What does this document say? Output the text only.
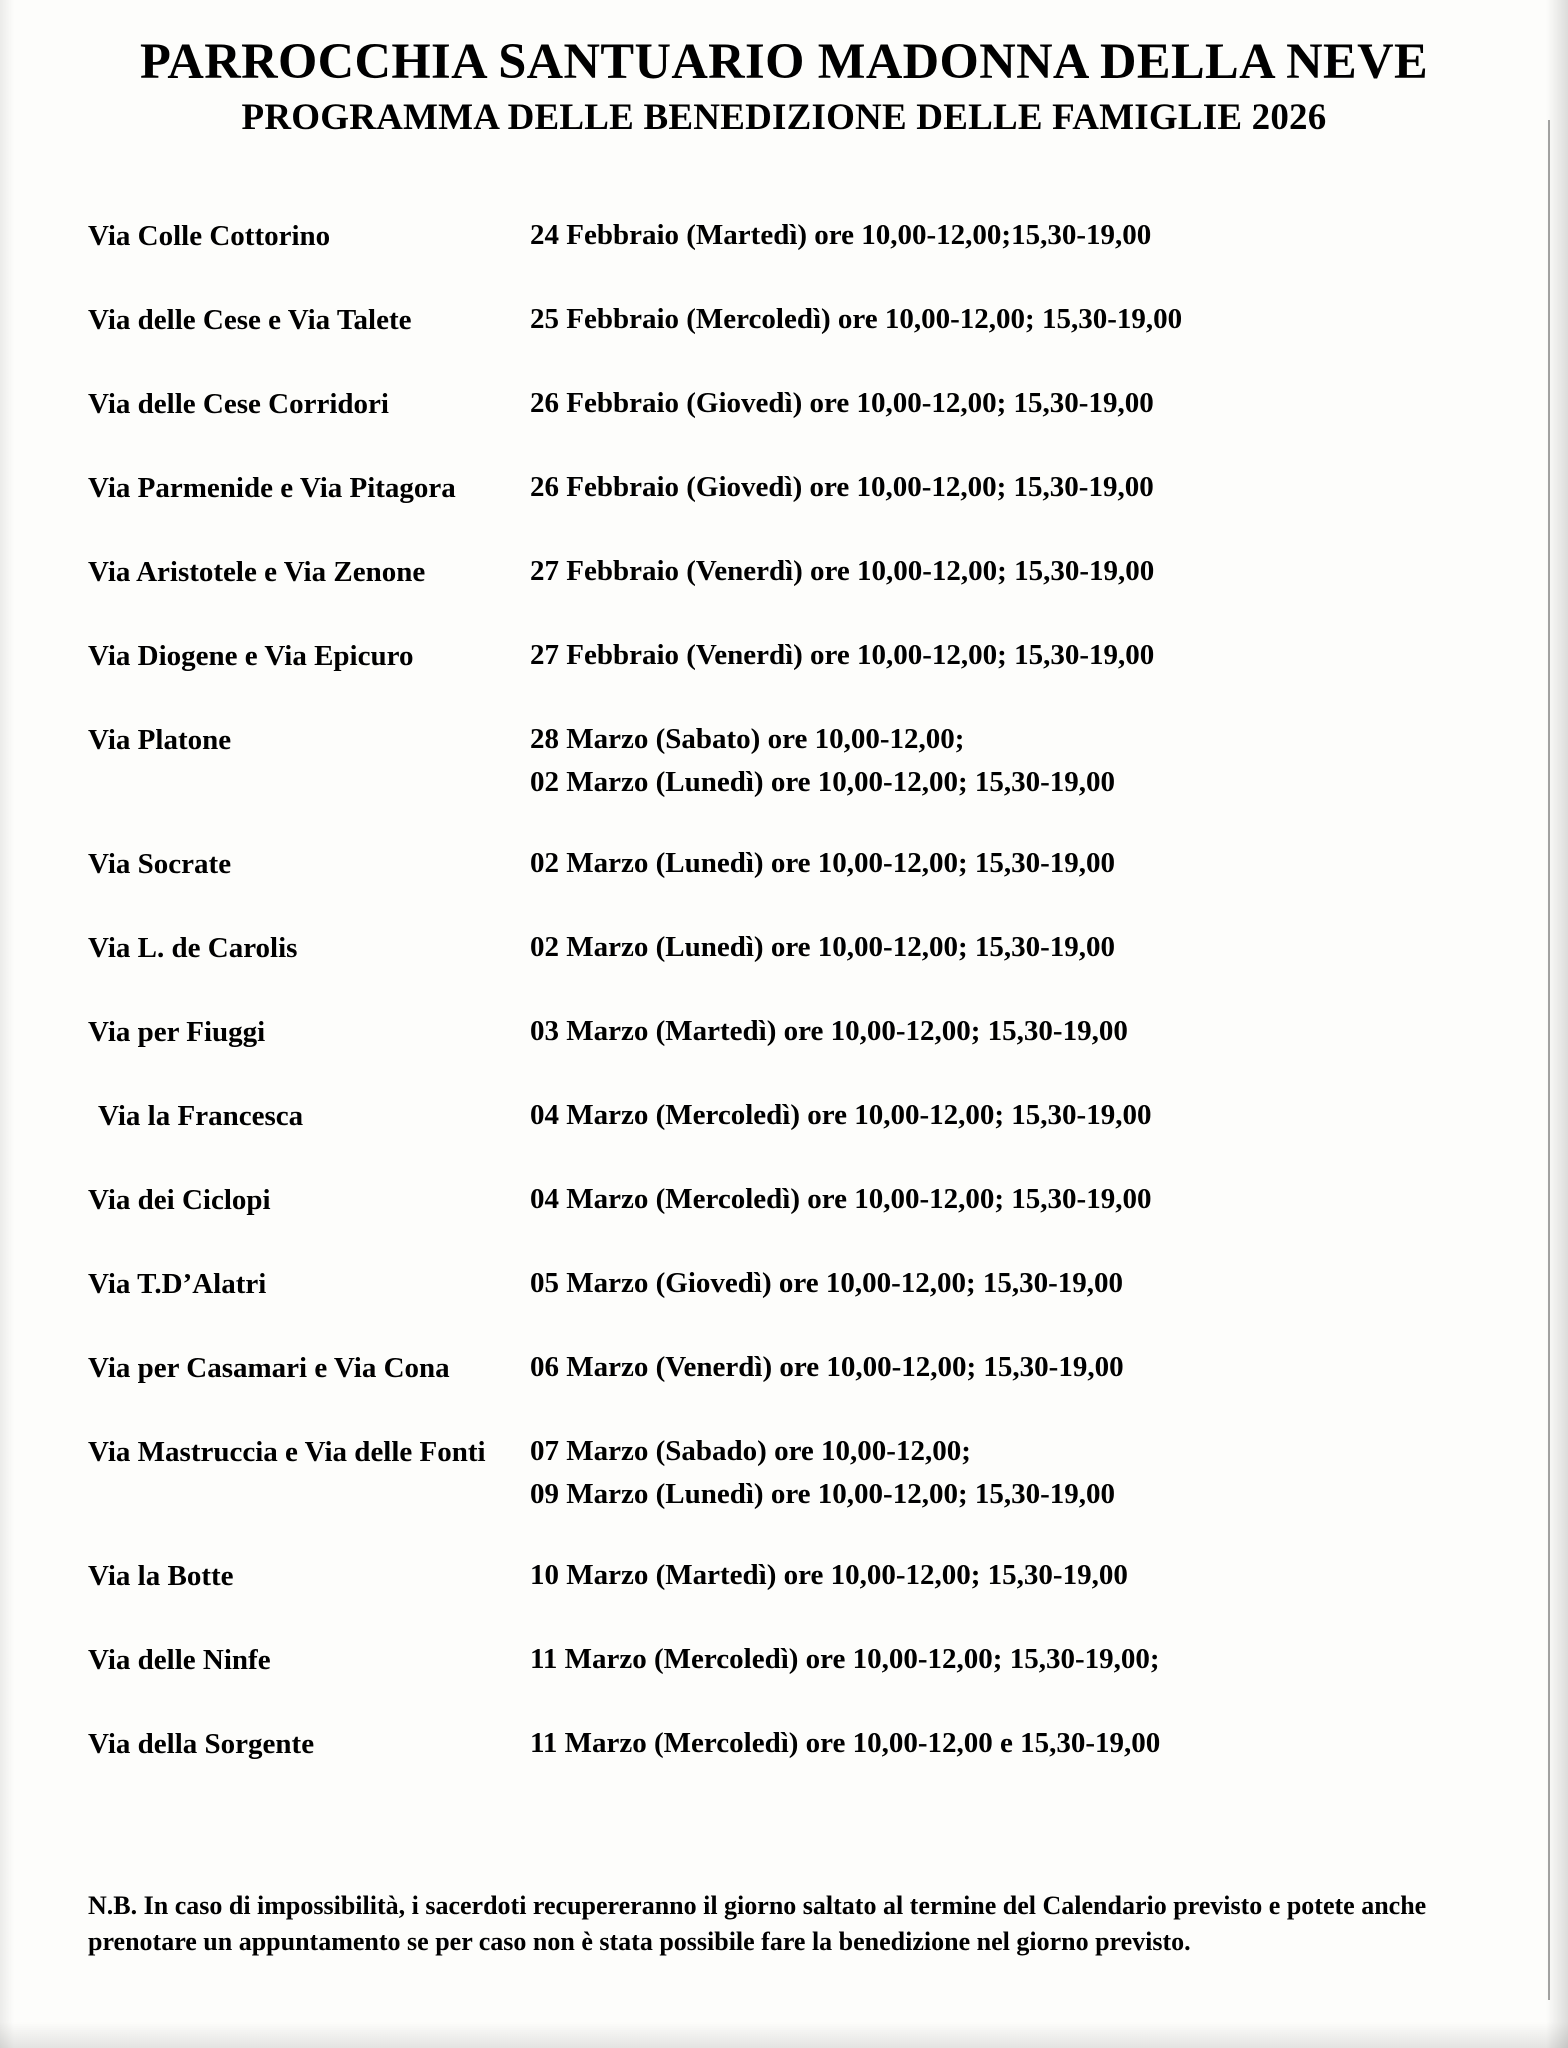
PARROCCHIA SANTUARIO MADONNA DELLA NEVE
PROGRAMMA DELLE BENEDIZIONE DELLE FAMIGLIE 2026
Via Colle Cottorino	24 Febbraio (Martedì) ore 10,00-12,00;15,30-19,00
Via delle Cese e Via Talete	25 Febbraio (Mercoledì) ore 10,00-12,00; 15,30-19,00
Via delle Cese Corridori	26 Febbraio (Giovedì) ore 10,00-12,00; 15,30-19,00
Via Parmenide e Via Pitagora	26 Febbraio (Giovedì) ore 10,00-12,00; 15,30-19,00
Via Aristotele e Via Zenone	27 Febbraio (Venerdì) ore 10,00-12,00; 15,30-19,00
Via Diogene e Via Epicuro	27 Febbraio (Venerdì) ore 10,00-12,00; 15,30-19,00
Via Platone	28 Marzo (Sabato) ore 10,00-12,00;
02 Marzo (Lunedì) ore 10,00-12,00; 15,30-19,00
Via Socrate	02 Marzo (Lunedì) ore 10,00-12,00; 15,30-19,00
Via L. de Carolis	02 Marzo (Lunedì) ore 10,00-12,00; 15,30-19,00
Via per Fiuggi	03 Marzo (Martedì) ore 10,00-12,00; 15,30-19,00
Via la Francesca	04 Marzo (Mercoledì) ore 10,00-12,00; 15,30-19,00
Via dei Ciclopi	04 Marzo (Mercoledì) ore 10,00-12,00; 15,30-19,00
Via T.D’Alatri	05 Marzo (Giovedì) ore 10,00-12,00; 15,30-19,00
Via per Casamari e Via Cona	06 Marzo (Venerdì) ore 10,00-12,00; 15,30-19,00
Via Mastruccia e Via delle Fonti	07 Marzo (Sabado) ore 10,00-12,00;
09 Marzo (Lunedì) ore 10,00-12,00; 15,30-19,00
Via la Botte	10 Marzo (Martedì) ore 10,00-12,00; 15,30-19,00
Via delle Ninfe	11 Marzo (Mercoledì) ore 10,00-12,00; 15,30-19,00;
Via della Sorgente	11 Marzo (Mercoledì) ore 10,00-12,00 e 15,30-19,00
N.B. In caso di impossibilità, i sacerdoti recupereranno il giorno saltato al termine del Calendario previsto e potete anche prenotare un appuntamento se per caso non è stata possibile fare la benedizione nel giorno previsto.
